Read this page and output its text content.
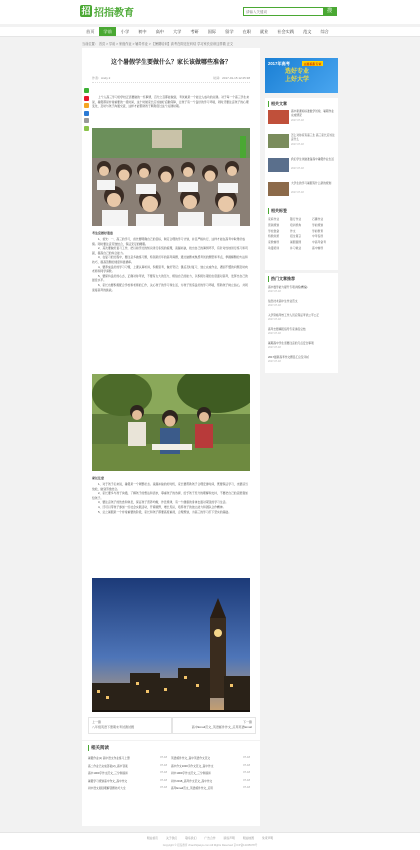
招 招指教育
请输入关键词	搜
首页	学前	小学	初中	高中	大学	考研	国际	留学	在职	就业	社会实践	范文	综合
当前位置： 首页 > 学前 > 家庭作业 > 辅导作业 > 【暑期培训】高考在即还在纠结 学习家长应该这样做 正文
这个暑假学生要做什么？家长该做哪些准备？
作者：Andy 2	时间：2017-01-15 12:25:38

上个人高三学习的学校正需要做的一些事情，百分之百都能做到，考试就是一个能让人成功的关键。对于每一个高三学生来说，暑假都是非常重要的一段时间，这个时候家长应该做好后勤保障，让孩子有一个良好的学习环境，同时还要注意孩子的心理变化，及时与孩子沟通交流，这样才能帮助孩子顺利度过这个关键时期。

考生应做好准备

1、首先：一、高三的学习，首先要明确自己的目标，制定合理的学习计划，并且严格执行，这样才能在高考中取得好成绩。同时要注意劳逸结合，保证充足的睡眠。

2、其次要做好复习工作，把以前学过的知识进行系统的梳理，查漏补缺，找出自己的薄弱环节，有针对性地进行练习和巩固，提高自己的综合能力。

3、在复习的过程中，要注意多做练习题，特别是历年的高考真题，通过做题来熟悉考试的题型和考点，掌握解题的方法和技巧，提高答题的速度和准确率。

4、要养成良好的学习习惯，上课认真听讲，积极思考，做好笔记；课后及时复习，独立完成作业，遇到不懂的问题及时向老师和同学请教。

5、要保持良好的心态，正确对待考试，不要有太大的压力，相信自己的能力，以积极乐观的态度面对高考，发挥出自己的最佳水平。

6、家长也要积极配合学校和老师的工作，关心孩子的学习和生活，为孩子创造良好的学习环境，帮助孩子树立信心，共同迎接高考的挑战。

家长注意

1、对于孩子们来说，暑假是一个调整状态、查漏补缺的好时机，家长要帮助孩子合理安排时间，既要保证学习，也要适当放松，做到劳逸结合。

2、家长要多与孩子沟通，了解孩子的想法和需求，尊重孩子的选择，给予孩子充分的理解和支持，不要把自己的意愿强加给孩子。

3、要注意孩子的饮食和休息，保证孩子营养均衡，作息规律，有一个健康的身体去面对紧张的学习生活。

4、还可以带孩子参加一些社会实践活动，开阔视野，增长见识，培养孩子的独立能力和团队合作精神。

5、总之暑假是一个非常重要的阶段，家长和孩子都要高度重视，合理规划，为高三的学习打下坚实的基础。

上一篇
八年级英语下册期末考试测试题
下一篇
高中Email范文_英语邮件作文_应用英语Email
相关阅读
暑假作业(1) 高中语文作业练习上册	07-18 英语邮件作文_高中英语作文范文	07-18
高二作业已完成答案(2)_高中答案	07-18 高中作文1000字作文范文_高中作文	07-18
高中1000字作文范文_三分钟演讲	07-18 初中1000字作文范文_三分钟演讲	07-18
暑假学习规划高中作文_高中作文	07-18 初中2018_高考作文范文_高中作文	07-18
初中语文阅读理解答题技巧大全	07-18 高考Email范文_英语邮件作文_应用	07-18
2017年高考	志愿填报专家
选好专业
上好大学
相关文章
高中新课标标准数学试卷，暑期作业完成情况
2017-07-18
怎么对待家有高三生 高三家长应该注意什么
2017-07-18
我们学生该做准备高中暑假作业生活
2017-07-18
大学生的学习暑假有什么新的规划
2017-07-18
相关标签
家庭作业	随行作业	石狮作业
营销规划	培训机构	学前规划
学校准备	作文	学前教育
特教政策	招生简章	中考指导
家教辅导	暑假提纲	中高考备考
动漫培训	补习就业	高中辅导
热门文章推荐
高中数学能力提升专项训练(精编)
2017-07-18
信息技术高中生作业范文
2017-07-18
入学资格考核工作人员应保证考试公平公正
2017-07-18
高考志愿填报指导专家讲座总结
2017-07-18
暑期高中学生需要注意的几点安全事项
2017-07-18
2017最新高考作文题目汇总及评析
2017-07-18
网站首页	关于我们	联系我们	广告合作	版权声明	网站地图	免责声明
Copyright © 招指教育 zhaozhijiaoyu.com All Rights Reserved 京ICP备12345678号
